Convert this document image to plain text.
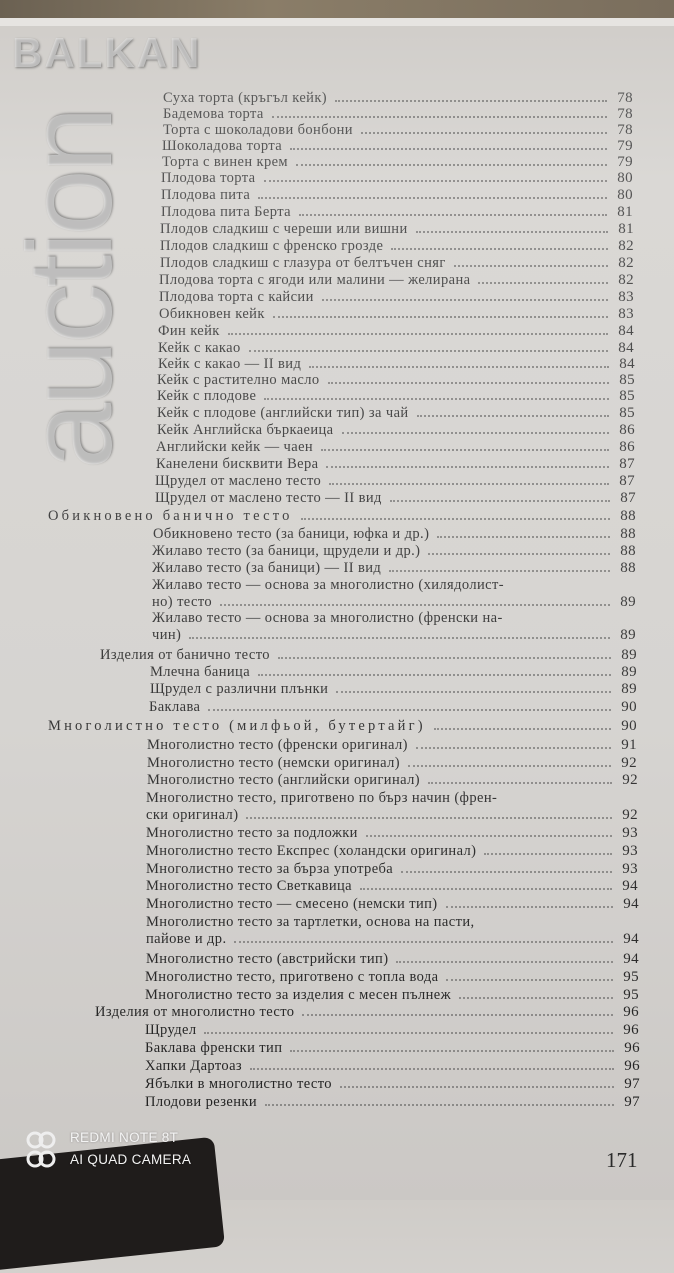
Суха торта (кръгъл кейк)	78
Бадемова торта	78
Торта с шоколадови бонбони	78
Шоколадова торта	79
Торта с винен крем	79
Плодова торта	80
Плодова пита	80
Плодова пита Берта	81
Плодов сладкиш с череши или вишни	81
Плодов сладкиш с френско грозде	82
Плодов сладкиш с глазура от белтъчен сняг	82
Плодова торта с ягоди или малини — желирана	82
Плодова торта с кайсии	83
Обикновен кейк	83
Фин кейк	84
Кейк с какао	84
Кейк с какао — II вид	84
Кейк с растително масло	85
Кейк с плодове	85
Кейк с плодове (английски тип) за чай	85
Кейк Английска бъркаеица	86
Английски кейк — чаен	86
Канелени бисквити Вера	87
Щрудел от маслено тесто	87
Щрудел от маслено тесто — II вид	87
Обикновено банично тесто	88
Обикновено тесто (за баници, юфка и др.)	88
Жилаво тесто (за баници, щрудели и др.)	88
Жилаво тесто (за баници) — II вид	88
Жилаво тесто — основа за многолистно (хилядолист-
но) тесто	89
Жилаво тесто — основа за многолистно (френски на-
чин)	89
Изделия от банично тесто	89
Млечна баница	89
Щрудел с различни плънки	89
Баклава	90
Многолистно тесто (милфьой, бутертайг)	90
Многолистно тесто (френски оригинал)	91
Многолистно тесто (немски оригинал)	92
Многолистно тесто (английски оригинал)	92
Многолистно тесто, приготвено по бърз начин (френ-
ски оригинал)	92
Многолистно тесто за подложки	93
Многолистно тесто Експрес (холандски оригинал)	93
Многолистно тесто за бърза употреба	93
Многолистно тесто Светкавица	94
Многолистно тесто — смесено (немски тип)	94
Многолистно тесто за тартлетки, основа на пасти,
пайове и др.	94
Многолистно тесто (австрийски тип)	94
Многолистно тесто, приготвено с топла вода	95
Многолистно тесто за изделия с месен пълнеж	95
Изделия от многолистно тесто	96
Щрудел	96
Баклава френски тип	96
Хапки Дартоаз	96
Ябълки в многолистно тесто	97
Плодови резенки	97
171
BALKAN
auction
REDMI NOTE 8T
AI QUAD CAMERA
